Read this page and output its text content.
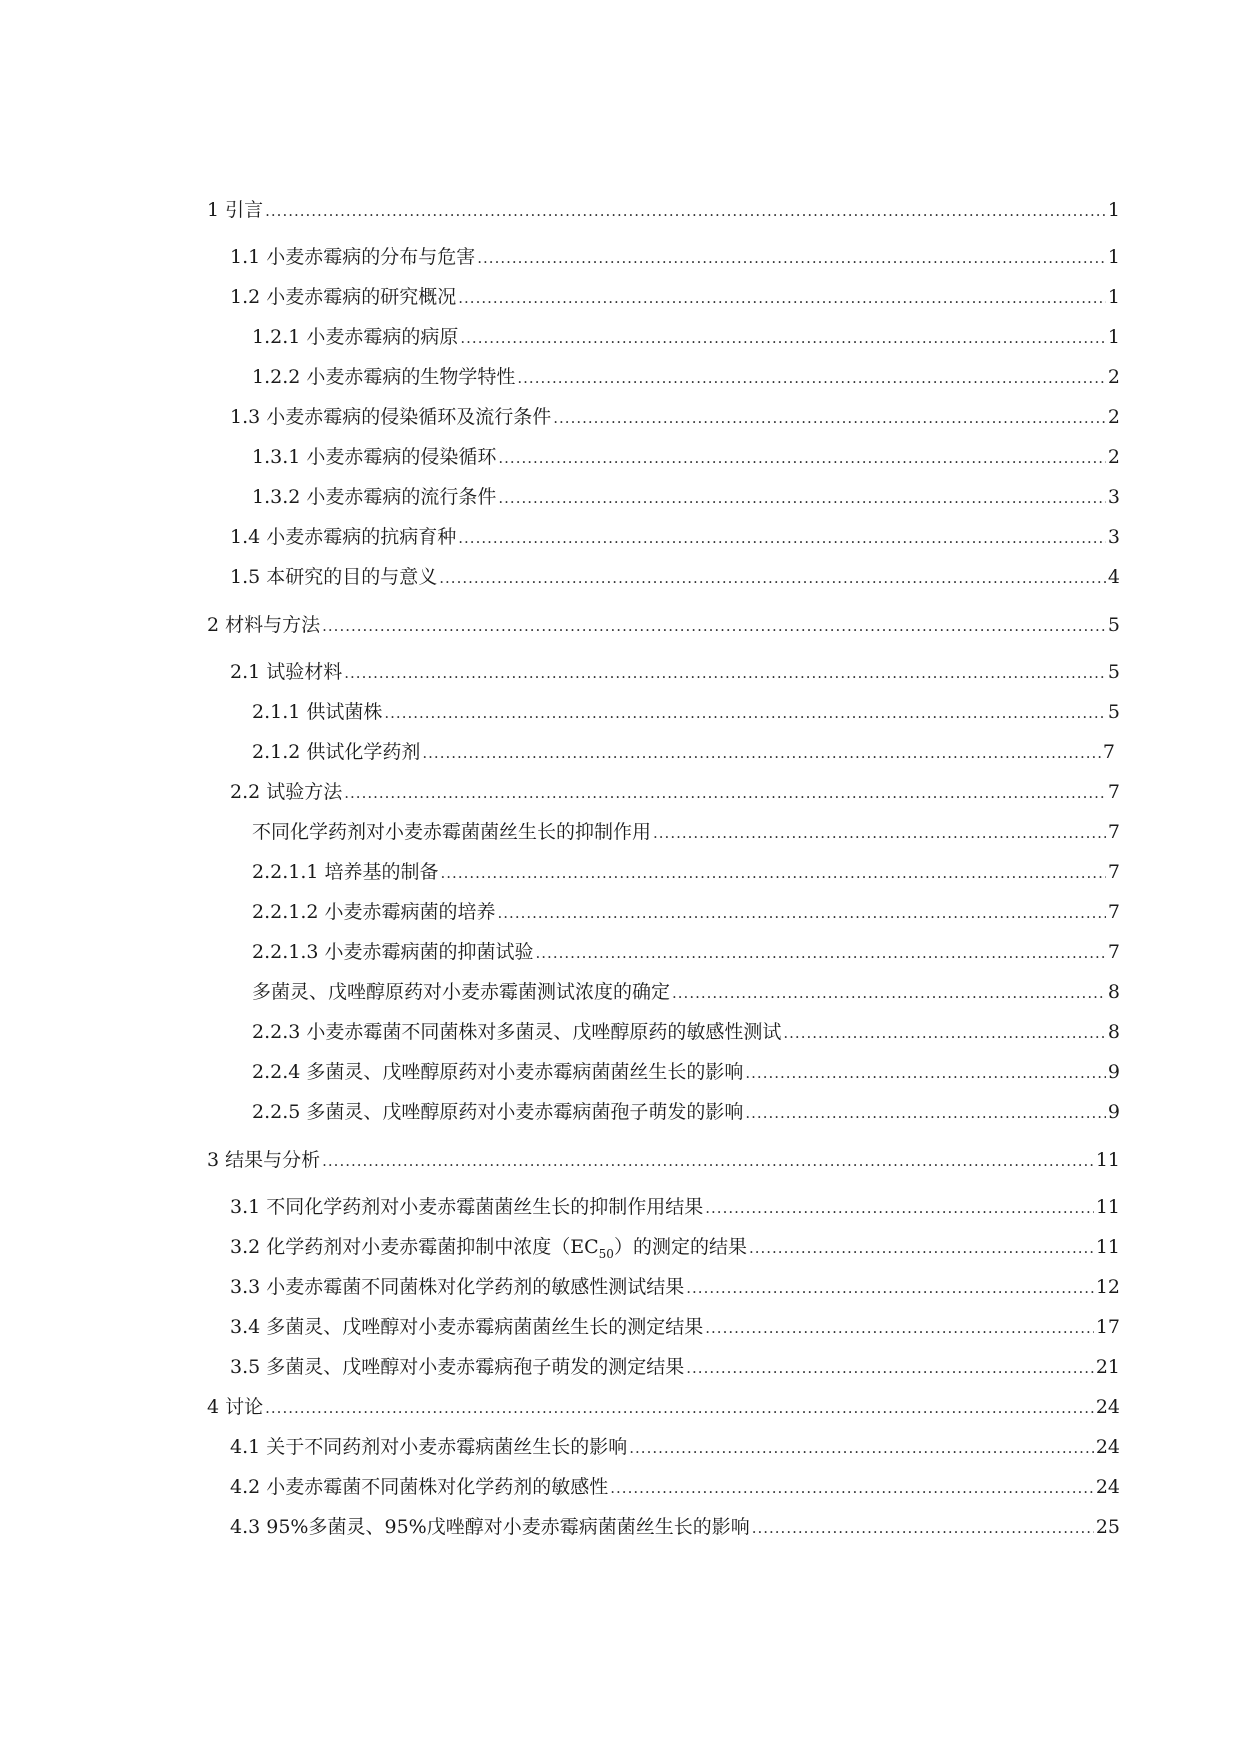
1 引言 .....	1
1.1 小麦赤霉病的分布与危害 .....	1
1.2 小麦赤霉病的研究概况 .....	1
1.2.1 小麦赤霉病的病原 .....	1
1.2.2 小麦赤霉病的生物学特性 .....	2
1.3 小麦赤霉病的侵染循环及流行条件 .....	2
1.3.1 小麦赤霉病的侵染循环 .....	2
1.3.2 小麦赤霉病的流行条件 .....	3
1.4 小麦赤霉病的抗病育种 .....	3
1.5 本研究的目的与意义 .....	4
2 材料与方法 .....	5
2.1 试验材料 .....	5
2.1.1 供试菌株 .....	5
2.1.2 供试化学药剂 .....	7
2.2 试验方法 .....	7
不同化学药剂对小麦赤霉菌菌丝生长的抑制作用 .....	7
2.2.1.1 培养基的制备 .....	7
2.2.1.2 小麦赤霉病菌的培养 .....	7
2.2.1.3 小麦赤霉病菌的抑菌试验 .....	7
多菌灵、戊唑醇原药对小麦赤霉菌测试浓度的确定 .....	8
2.2.3 小麦赤霉菌不同菌株对多菌灵、戊唑醇原药的敏感性测试 .....	8
2.2.4 多菌灵、戊唑醇原药对小麦赤霉病菌菌丝生长的影响 .....	9
2.2.5 多菌灵、戊唑醇原药对小麦赤霉病菌孢子萌发的影响 .....	9
3 结果与分析 .....	11
3.1 不同化学药剂对小麦赤霉菌菌丝生长的抑制作用结果 .....	11
3.2 化学药剂对小麦赤霉菌抑制中浓度$(EC_{50})$的测定的结果 .....	11
3.3 小麦赤霉菌不同菌株对化学药剂的敏感性测试结果 .....	12
3.4 多菌灵、戊唑醇对小麦赤霉病菌菌丝生长的测定结果 .....	17
3.5 多菌灵、戊唑醇对小麦赤霉病孢子萌发的测定结果 .....	21
4 讨论 .....	24
4.1 关于不同药剂对小麦赤霉病菌丝生长的影响 .....	24
4.2 小麦赤霉菌不同菌株对化学药剂的敏感性 .....	24
4.3 95%多菌灵、95%戊唑醇对小麦赤霉病菌菌丝生长的影响 .....	25
